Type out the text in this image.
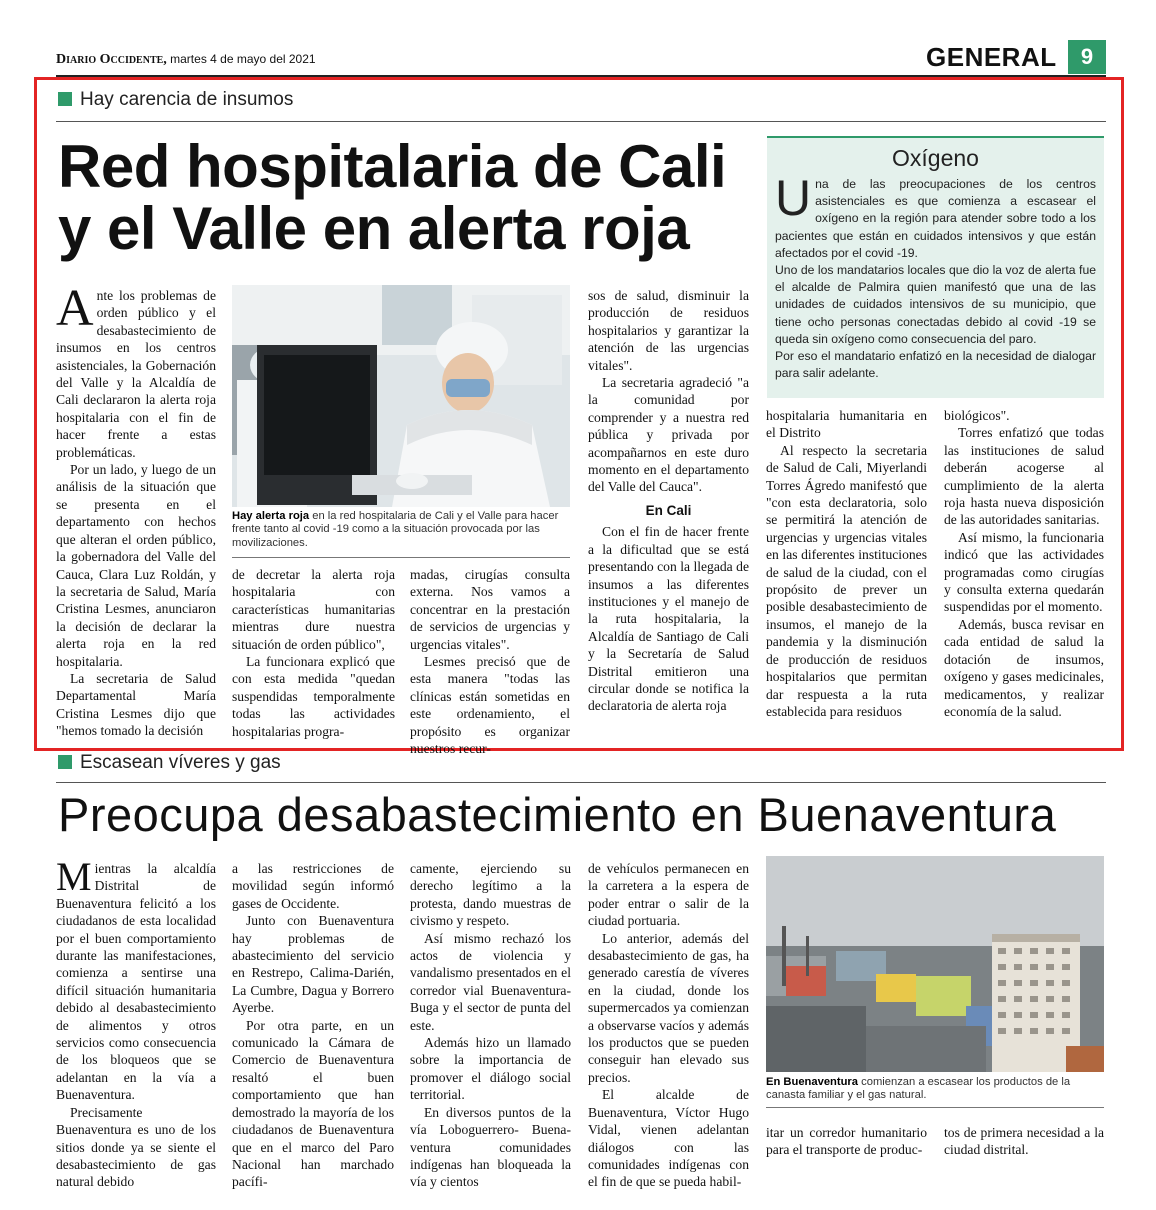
Diario Occidente, martes 4 de mayo del 2021	GENERAL	9
Hay carencia de insumos
Red hospitalaria de Cali
y el Valle en alerta roja

Ante los problemas de orden público y el desabastecimiento de insumos en los centros asistenciales, la Gobernación del Valle y la Alcaldía de Cali declararon la alerta roja hospitalaria con el fin de hacer frente a estas problemáticas.

Por un lado, y luego de un análisis de la situación que se presenta en el departamento con hechos que alteran el orden público, la gobernadora del Valle del Cauca, Clara Luz Roldán, y la secretaria de Salud, María Cristina Lesmes, anunciaron la decisión de declarar la alerta roja en la red hospitalaria.

La secretaria de Salud Departamental María Cristina Lesmes dijo que "hemos tomado la decisión

Hay alerta roja en la red hospitalaria de Cali y el Valle para hacer frente tanto al covid -19 como a la situación provocada por las movilizaciones.

de decretar la alerta roja hospitalaria con características humanitarias mientras dure nuestra situación de orden público",

La funcionara explicó que con esta medida "quedan suspendidas temporalmente todas las actividades hospitalarias progra-

madas, cirugías consulta externa. Nos vamos a concentrar en la prestación de servicios de urgencias y urgencias vitales".

Lesmes precisó que de esta manera "todas las clínicas están sometidas en este ordenamiento, el propósito es organizar nuestros recur-

sos de salud, disminuir la producción de residuos hospitalarios y garantizar la atención de las urgencias vitales".

La secretaria agradeció "a la comunidad por comprender y a nuestra red pública y privada por acompañarnos en este duro momento en el departamento del Valle del Cauca".

En Cali

Con el fin de hacer frente a la dificultad que se está presentando con la llegada de insumos a las diferentes instituciones y el manejo de la ruta hospitalaria, la Alcaldía de Santiago de Cali y la Secretaría de Salud Distrital emitieron una circular donde se notifica la declaratoria de alerta roja

Oxígeno

Una de las preocupaciones de los centros asistenciales es que comienza a escasear el oxígeno en la región para atender sobre todo a los pacientes que están en cuidados intensivos y que están afectados por el covid -19.

Uno de los mandatarios locales que dio la voz de alerta fue el alcalde de Palmira quien manifestó que una de las unidades de cuidados intensivos de su municipio, que tiene ocho personas conectadas debido al covid -19 se queda sin oxígeno como consecuencia del paro.

Por eso el mandatario enfatizó en la necesidad de dialogar para salir adelante.

hospitalaria humanitaria en el Distrito

Al respecto la secretaria de Salud de Cali, Miyerlandi Torres Ágredo manifestó que "con esta declaratoria, solo se permitirá la atención de urgencias y urgencias vitales en las diferentes instituciones de salud de la ciudad, con el propósito de prever un posible desabastecimiento de insumos, el manejo de la pandemia y la disminución de producción de residuos hospitalarios que permitan dar respuesta a la ruta establecida para residuos

biológicos".

Torres enfatizó que todas las instituciones de salud deberán acogerse al cumplimiento de la alerta roja hasta nueva disposición de las autoridades sanitarias.

Así mismo, la funcionaria indicó que las actividades programadas como cirugías y consulta externa quedarán suspendidas por el momento.

Además, busca revisar en cada entidad de salud la dotación de insumos, oxígeno y gases medicinales, medicamentos, y realizar economía de la salud.

Escasean víveres y gas
Preocupa desabastecimiento en Buenaventura

Mientras la alcaldía Distrital de Buenaventura felicitó a los ciudadanos de esta localidad por el buen comportamiento durante las manifestaciones, comienza a sentirse una difícil situación humanitaria debido al desabastecimiento de alimentos y otros servicios como consecuencia de los bloqueos que se adelantan en la vía a Buenaventura.

Precisamente Buenaventura es uno de los sitios donde ya se siente el desabastecimiento de gas natural debido

a las restricciones de movilidad según informó gases de Occidente.

Junto con Buenaventura hay problemas de abastecimiento del servicio en Restrepo, Calima-Darién, La Cumbre, Dagua y Borrero Ayerbe.

Por otra parte, en un comunicado la Cámara de Comercio de Buenaventura resaltó el buen comportamiento que han demostrado la mayoría de los ciudadanos de Buenaventura que en el marco del Paro Nacional han marchado pacífi-

camente, ejerciendo su derecho legítimo a la protesta, dando muestras de civismo y respeto.

Así mismo rechazó los actos de violencia y vandalismo presentados en el corredor vial Buenaventura-Buga y el sector de punta del este.

Además hizo un llamado sobre la importancia de promover el diálogo social territorial.

En diversos puntos de la vía Loboguerrero- Buena-ventura comunidades indígenas han bloqueada la vía y cientos

de vehículos permanecen en la carretera a la espera de poder entrar o salir de la ciudad portuaria.

Lo anterior, además del desabastecimiento de gas, ha generado carestía de víveres en la ciudad, donde los supermercados ya comienzan a observarse vacíos y además los productos que se pueden conseguir han elevado sus precios.

El alcalde de Buenaventura, Víctor Hugo Vidal, vienen adelantan diálogos con las comunidades indígenas con el fin de que se pueda habil-

En Buenaventura comienzan a escasear los productos de la canasta familiar y el gas natural.

itar un corredor humanitario para el transporte de produc-

tos de primera necesidad a la ciudad distrital.
